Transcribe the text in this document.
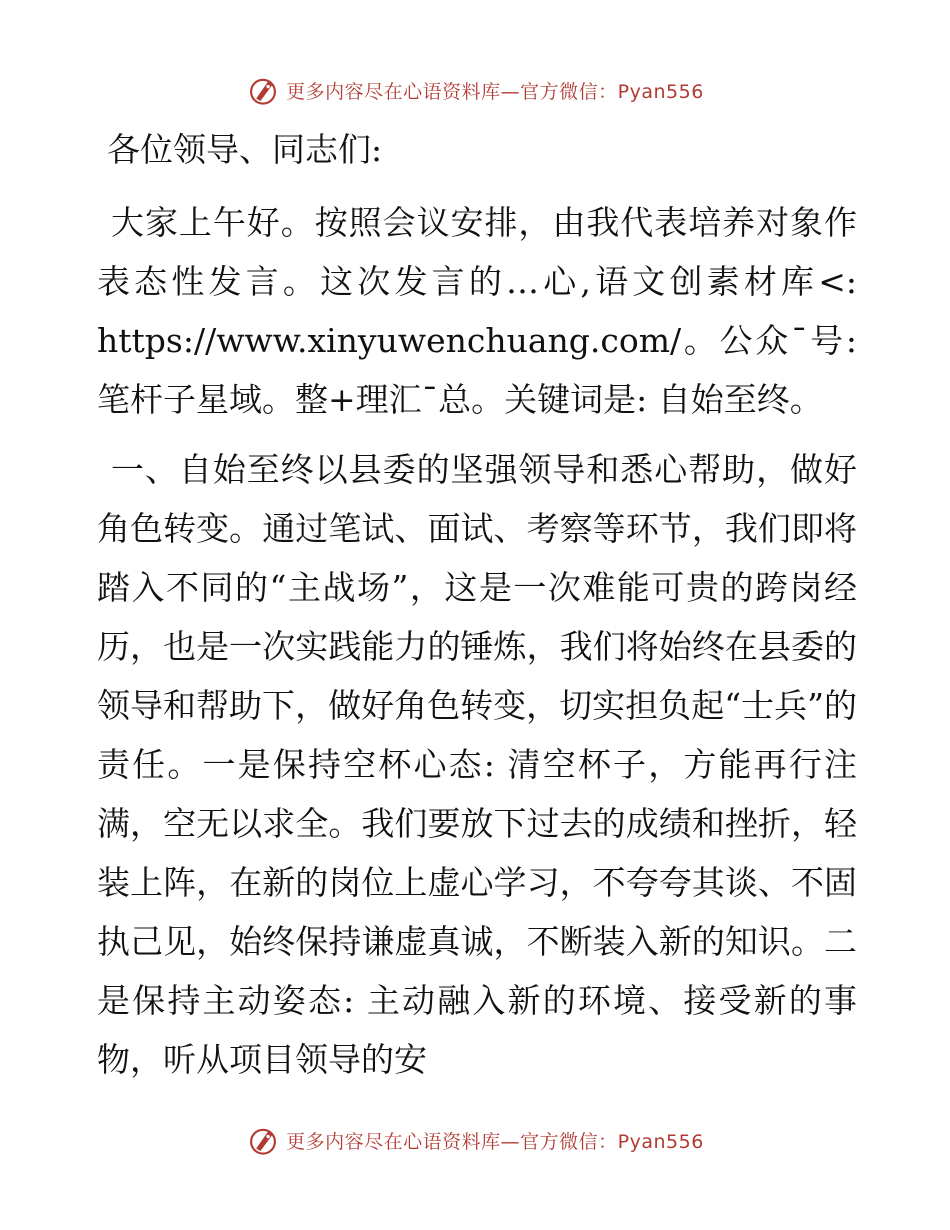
更多内容尽在心语资料库—官方微信：Pyan556

各位领导、同志们:

大家上午好。按照会议安排，由我代表培养对象作表态性发言。这次发言的…心,语文创素材库<: https://www.xinyuwenchuang.com/。公众¯号: 笔杆子星域。整+理汇¯总。关键词是: 自始至终。

一、自始至终以县委的坚强领导和悉心帮助，做好角色转变。通过笔试、面试、考察等环节，我们即将踏入不同的“主战场”，这是一次难能可贵的跨岗经历，也是一次实践能力的锤炼，我们将始终在县委的领导和帮助下，做好角色转变，切实担负起“士兵”的责任。一是保持空杯心态: 清空杯子，方能再行注满，空无以求全。我们要放下过去的成绩和挫折，轻装上阵，在新的岗位上虚心学习，不夸夸其谈、不固执己见，始终保持谦虚真诚，不断装入新的知识。二是保持主动姿态: 主动融入新的环境、接受新的事物，听从项目领导的安

更多内容尽在心语资料库—官方微信：Pyan556
